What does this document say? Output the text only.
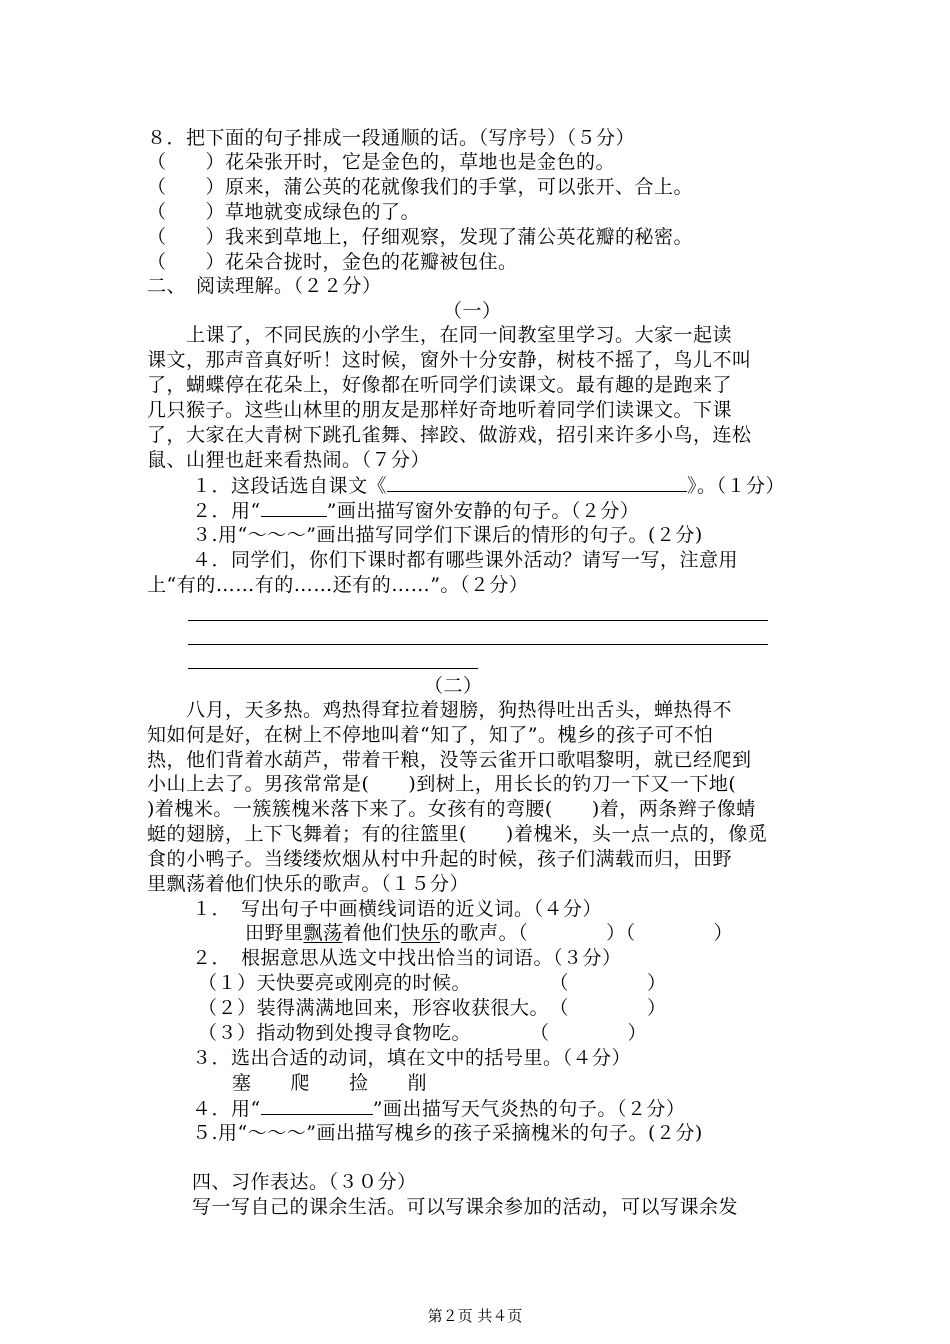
８．把下面的句子排成一段通顺的话。（写序号）（５分）
（　　）花朵张开时，它是金色的，草地也是金色的。
（　　）原来，蒲公英的花就像我们的手掌，可以张开、合上。
（　　）草地就变成绿色的了。
（　　）我来到草地上，仔细观察，发现了蒲公英花瓣的秘密。
（　　）花朵合拢时，金色的花瓣被包住。
二、　阅读理解。（２２分）
（一）
　　上课了，不同民族的小学生，在同一间教室里学习。大家一起读
课文，那声音真好听！这时候，窗外十分安静，树枝不摇了，鸟儿不叫
了，蝴蝶停在花朵上，好像都在听同学们读课文。最有趣的是跑来了
几只猴子。这些山林里的朋友是那样好奇地听着同学们读课文。下课
了，大家在大青树下跳孔雀舞、摔跤、做游戏，招引来许多小鸟，连松
鼠、山狸也赶来看热闹。（７分）
１．这段话选自课文《	》。（１分）
２．用“	”画出描写窗外安静的句子。（２分）
３.用“～～～”画出描写同学们下课后的情形的句子。(２分)
４．同学们，你们下课时都有哪些课外活动？请写一写，注意用
上“有的……有的……还有的……”。（２分）
（二）
　　八月，天多热。鸡热得耷拉着翅膀，狗热得吐出舌头，蝉热得不
知如何是好，在树上不停地叫着“知了，知了”。槐乡的孩子可不怕
热，他们背着水葫芦，带着干粮，没等云雀开口歌唱黎明，就已经爬到
小山上去了。男孩常常是(　　)到树上，用长长的钓刀一下又一下地(
)着槐米。一簇簇槐米落下来了。女孩有的弯腰(　　)着，两条辫子像蜻
蜓的翅膀，上下飞舞着；有的往篮里(　　)着槐米，头一点一点的，像觅
食的小鸭子。当缕缕炊烟从村中升起的时候，孩子们满载而归，田野
里飘荡着他们快乐的歌声。（１５分）
１．　写出句子中画横线词语的近义词。（４分）
田野里飘荡着他们快乐的歌声。（　　　　）（　　　　）
２．　根据意思从选文中找出恰当的词语。（３分）
（１）天快要亮或刚亮的时候。　　　　　（　　　　）
（２）装得满满地回来，形容收获很大。　（　　　　）
（３）指动物到处搜寻食物吃。　　　　（　　　　）
３．选出合适的动词，填在文中的括号里。（４分）
塞　　爬　　捡　　削
４．用“	”画出描写天气炎热的句子。（２分）
５.用“～～～”画出描写槐乡的孩子采摘槐米的句子。(２分)
四、习作表达。（３０分）
写一写自己的课余生活。可以写课余参加的活动，可以写课余发
第２页 共４页
